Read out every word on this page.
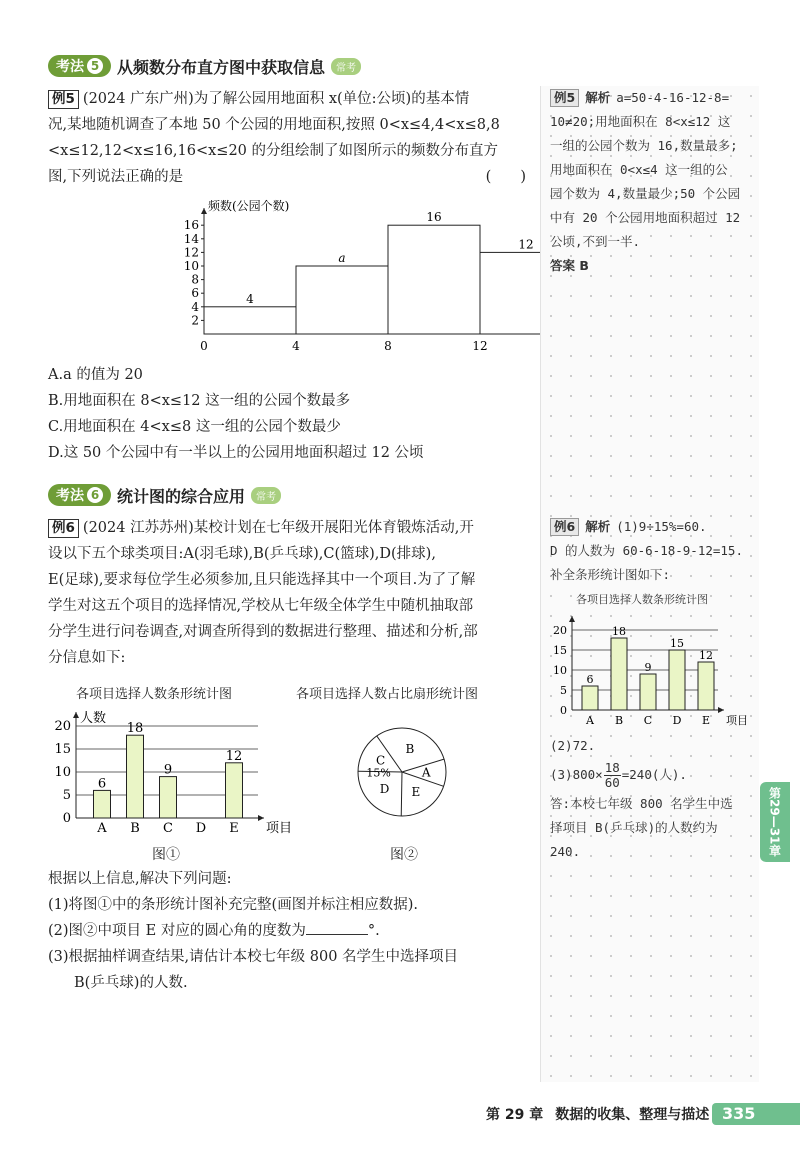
考法 5 从频数分布直方图中获取信息	常考
例5 (2024 广东广州)为了解公园用地面积 x(单位:公顷)的基本情
况,某地随机调查了本地 50 个公园的用地面积,按照 0<x≤4,4<x≤8,8
<x≤12,12<x≤16,16<x≤20 的分组绘制了如图所示的频数分布直方
图,下列说法正确的是	(　　)
频数(公园个数)
2
4
6
8
10
12
14
16
4
a
16
12
0	4	8	12
A.a 的值为 20
B.用地面积在 8<x≤12 这一组的公园个数最多
C.用地面积在 4<x≤8 这一组的公园个数最少
D.这 50 个公园中有一半以上的公园用地面积超过 12 公顷
考法 6 统计图的综合应用	常考
例6 (2024 江苏苏州)某校计划在七年级开展阳光体育锻炼活动,开
设以下五个球类项目:A(羽毛球),B(乒乓球),C(篮球),D(排球),
E(足球),要求每位学生必须参加,且只能选择其中一个项目.为了了解
学生对这五个项目的选择情况,学校从七年级全体学生中随机抽取部
分学生进行问卷调查,对调查所得到的数据进行整理、描述和分析,部
分信息如下:
各项目选择人数条形统计图	各项目选择人数占比扇形统计图
人数
0
5
10
15
20
6
A
18
B
9
C D
12
E 项目
B
A
E
D
C
15%
图①	图②
根据以上信息,解决下列问题:
(1)将图①中的条形统计图补充完整(画图并标注相应数据).
(2)图②中项目 E 对应的圆心角的度数为	°.
(3)根据抽样调查结果,请估计本校七年级 800 名学生中选择项目
B(乒乓球)的人数.
例5 解析 a=50-4-16-12-8=
10≠20;用地面积在 8<x≤12 这
一组的公园个数为 16,数量最多;
用地面积在 0<x≤4 这一组的公
园个数为 4,数量最少;50 个公园
中有 20 个公园用地面积超过 12
公顷,不到一半.
答案 B
例6 解析 (1)9÷15%=60.
D 的人数为 60-6-18-9-12=15.
补全条形统计图如下:
各项目选择人数条形统计图
0
5
10
15
20
6
A
18
B
9
C
15
D
12
E 项目
(2)72.
$(3)800\times \frac{18}{60} =240$(人).
答:本校七年级 800 名学生中选
择项目 B(乒乓球)的人数约为
240.	第29—31章
第 29 章 数据的收集、整理与描述 335
